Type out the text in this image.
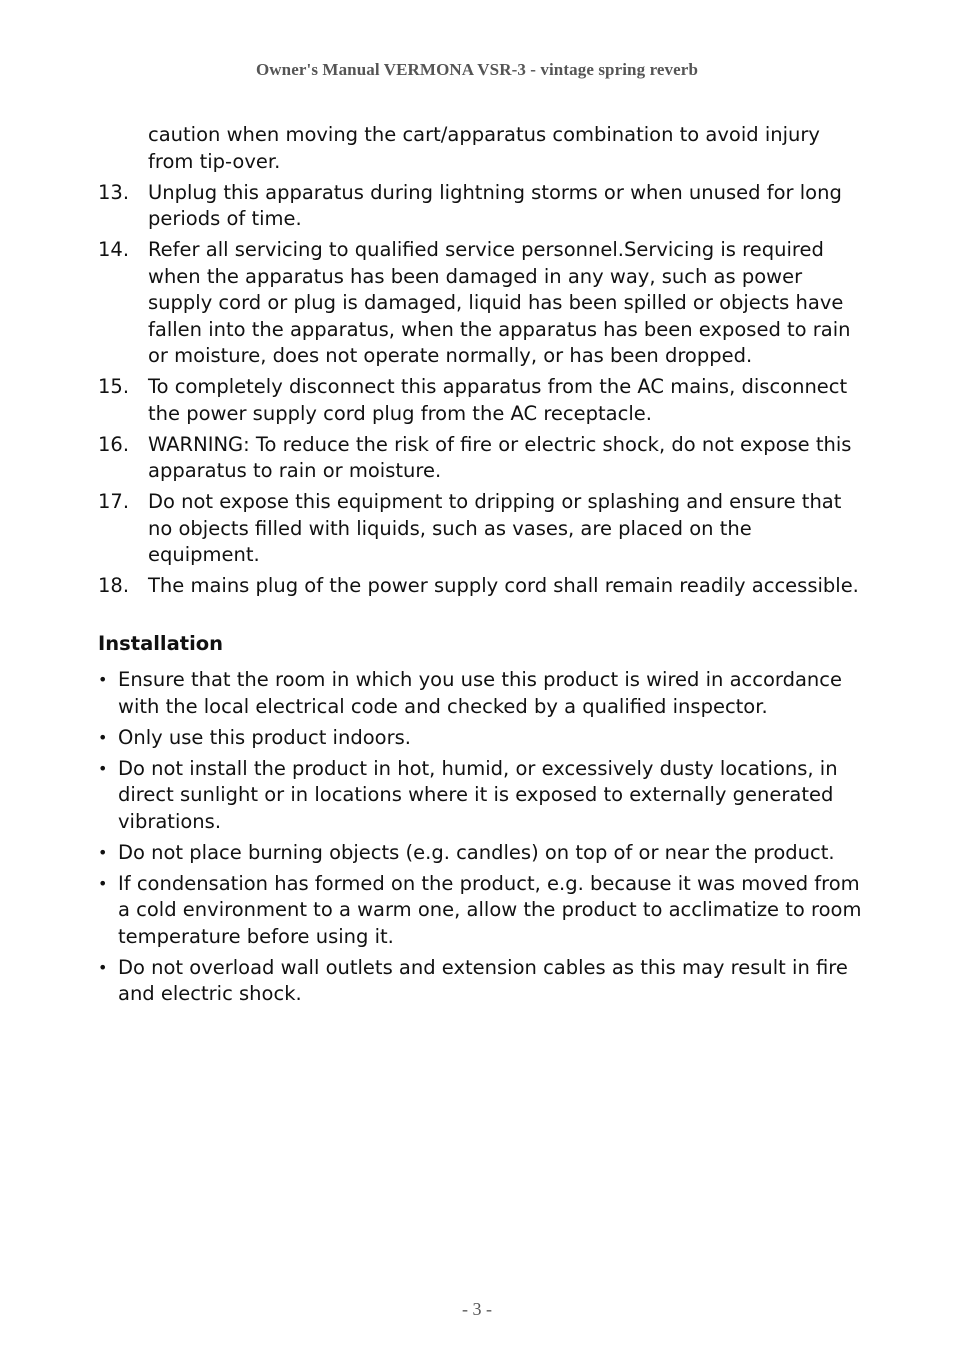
Owner's Manual VERMONA VSR-3 - vintage spring reverb

caution when moving the cart/apparatus combination to avoid injury from tip-over.

13. Unplug this apparatus during lightning storms or when unused for long periods of time.
14. Refer all servicing to qualified service personnel.Servicing is required when the apparatus has been damaged in any way, such as power supply cord or plug is damaged, liquid has been spilled or objects have fallen into the apparatus, when the apparatus has been exposed to rain or moisture, does not operate normally, or has been dropped.
15. To completely disconnect this apparatus from the AC mains, disconnect the power supply cord plug from the AC receptacle.
16. WARNING: To reduce the risk of fire or electric shock, do not expose this apparatus to rain or moisture.
17. Do not expose this equipment to dripping or splashing and ensure that no objects filled with liquids, such as vases, are placed on the equipment.
18. The mains plug of the power supply cord shall remain readily accessible.
Installation
• Ensure that the room in which you use this product is wired in accordance with the local electrical code and checked by a qualified inspector.
• Only use this product indoors.
• Do not install the product in hot, humid, or excessively dusty locations, in direct sunlight or in locations where it is exposed to externally generated vibrations.
• Do not place burning objects (e.g. candles) on top of or near the product.
• If condensation has formed on the product, e.g. because it was moved from a cold environment to a warm one, allow the product to acclimatize to room temperature before using it.
• Do not overload wall outlets and extension cables as this may result in fire and electric shock.
- 3 -
